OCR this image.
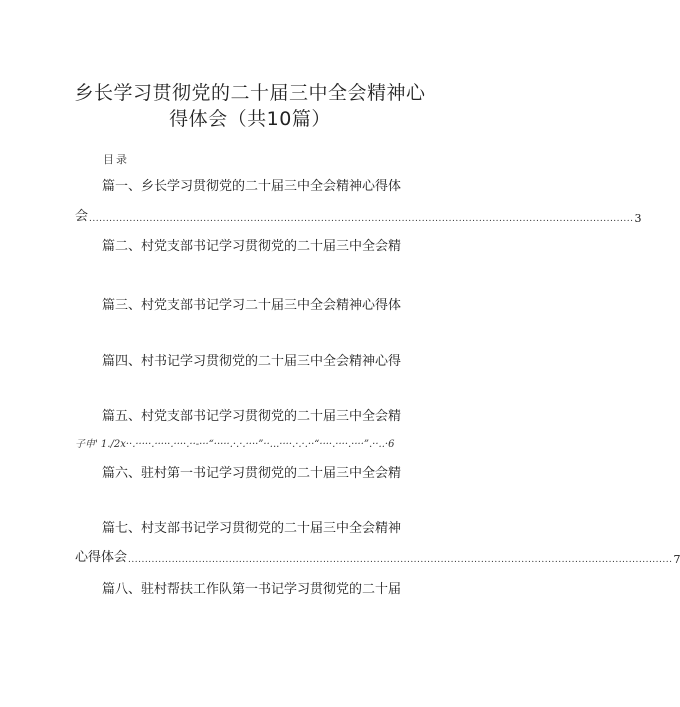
乡长学习贯彻党的二十届三中全会精神心
得体会（共10篇）
目录
篇一、乡长学习贯彻党的二十届三中全会精神心得体
会 .................................................................................................................................................................. 3
篇二、村党支部书记学习贯彻党的二十届三中全会精
篇三、村党支部书记学习二十届三中全会精神心得体
篇四、村书记学习贯彻党的二十届三中全会精神心得
篇五、村党支部书记学习贯彻党的二十届三中全会精
子申' 1./2x··.·····.·····.····.··-···“·····.·.·.····”··...····.·.·.··“····.····.····”.··..·6
篇六、驻村第一书记学习贯彻党的二十届三中全会精
篇七、村支部书记学习贯彻党的二十届三中全会精神
心得体会 .................................................................................................................................................................. 7
篇八、驻村帮扶工作队第一书记学习贯彻党的二十届
